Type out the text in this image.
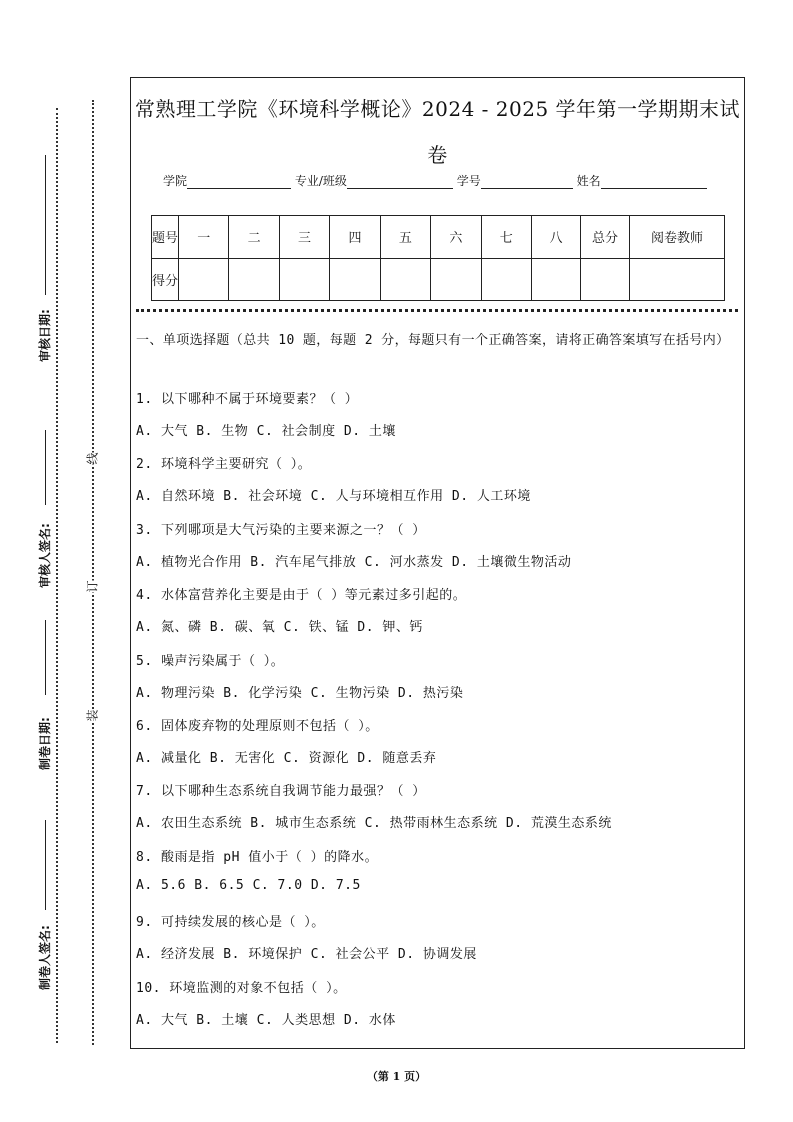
审核日期:
审核人签名:
制卷日期:
制卷人签名:
线
订
装
常熟理工学院《环境科学概论》2024 - 2025 学年第一学期期末试卷
学院	专业/班级	学号	姓名
题号	一	二	三	四	五	六	七	八	总分	阅卷教师
得分										
一、单项选择题（总共 10 题，每题 2 分，每题只有一个正确答案，请将正确答案填写在括号内）
1. 以下哪种不属于环境要素？（ ）
A. 大气 B. 生物 C. 社会制度 D. 土壤
2. 环境科学主要研究（ ）。
A. 自然环境 B. 社会环境 C. 人与环境相互作用 D. 人工环境
3. 下列哪项是大气污染的主要来源之一？（ ）
A. 植物光合作用 B. 汽车尾气排放 C. 河水蒸发 D. 土壤微生物活动
4. 水体富营养化主要是由于（ ）等元素过多引起的。
A. 氮、磷 B. 碳、氧 C. 铁、锰 D. 钾、钙
5. 噪声污染属于（ ）。
A. 物理污染 B. 化学污染 C. 生物污染 D. 热污染
6. 固体废弃物的处理原则不包括（ ）。
A. 减量化 B. 无害化 C. 资源化 D. 随意丢弃
7. 以下哪种生态系统自我调节能力最强？（ ）
A. 农田生态系统 B. 城市生态系统 C. 热带雨林生态系统 D. 荒漠生态系统
8. 酸雨是指 pH 值小于（ ）的降水。
A. 5.6 B. 6.5 C. 7.0 D. 7.5
9. 可持续发展的核心是（ ）。
A. 经济发展 B. 环境保护 C. 社会公平 D. 协调发展
10. 环境监测的对象不包括（ ）。
A. 大气 B. 土壤 C. 人类思想 D. 水体
（第 1 页）
